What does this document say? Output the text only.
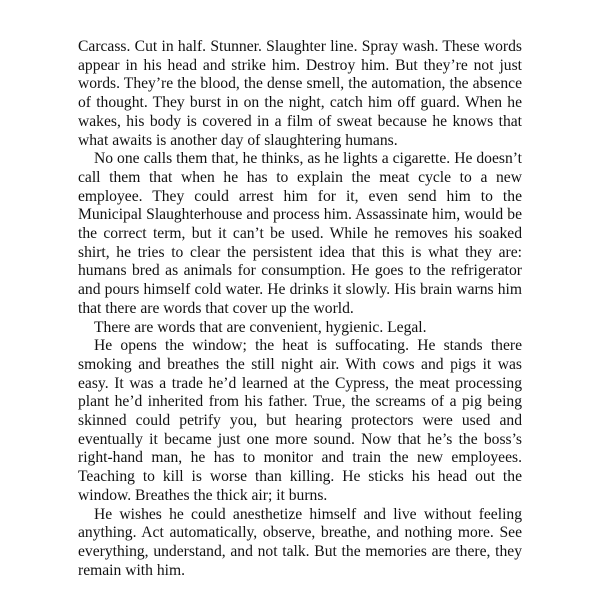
Carcass. Cut in half. Stunner. Slaughter line. Spray wash. These words appear in his head and strike him. Destroy him. But they’re not just words. They’re the blood, the dense smell, the automation, the absence of thought. They burst in on the night, catch him off guard. When he wakes, his body is covered in a film of sweat because he knows that what awaits is another day of slaughtering humans.

No one calls them that, he thinks, as he lights a cigarette. He doesn’t call them that when he has to explain the meat cycle to a new employee. They could arrest him for it, even send him to the Municipal Slaughterhouse and process him. Assassinate him, would be the correct term, but it can’t be used. While he removes his soaked shirt, he tries to clear the persistent idea that this is what they are: humans bred as animals for consumption. He goes to the refrigerator and pours himself cold water. He drinks it slowly. His brain warns him that there are words that cover up the world.

There are words that are convenient, hygienic. Legal.

He opens the window; the heat is suffocating. He stands there smoking and breathes the still night air. With cows and pigs it was easy. It was a trade he’d learned at the Cypress, the meat processing plant he’d inherited from his father. True, the screams of a pig being skinned could petrify you, but hearing protectors were used and eventually it became just one more sound. Now that he’s the boss’s right-hand man, he has to monitor and train the new employees. Teaching to kill is worse than killing. He sticks his head out the window. Breathes the thick air; it burns.

He wishes he could anesthetize himself and live without feeling anything. Act automatically, observe, breathe, and nothing more. See everything, understand, and not talk. But the memories are there, they remain with him.
